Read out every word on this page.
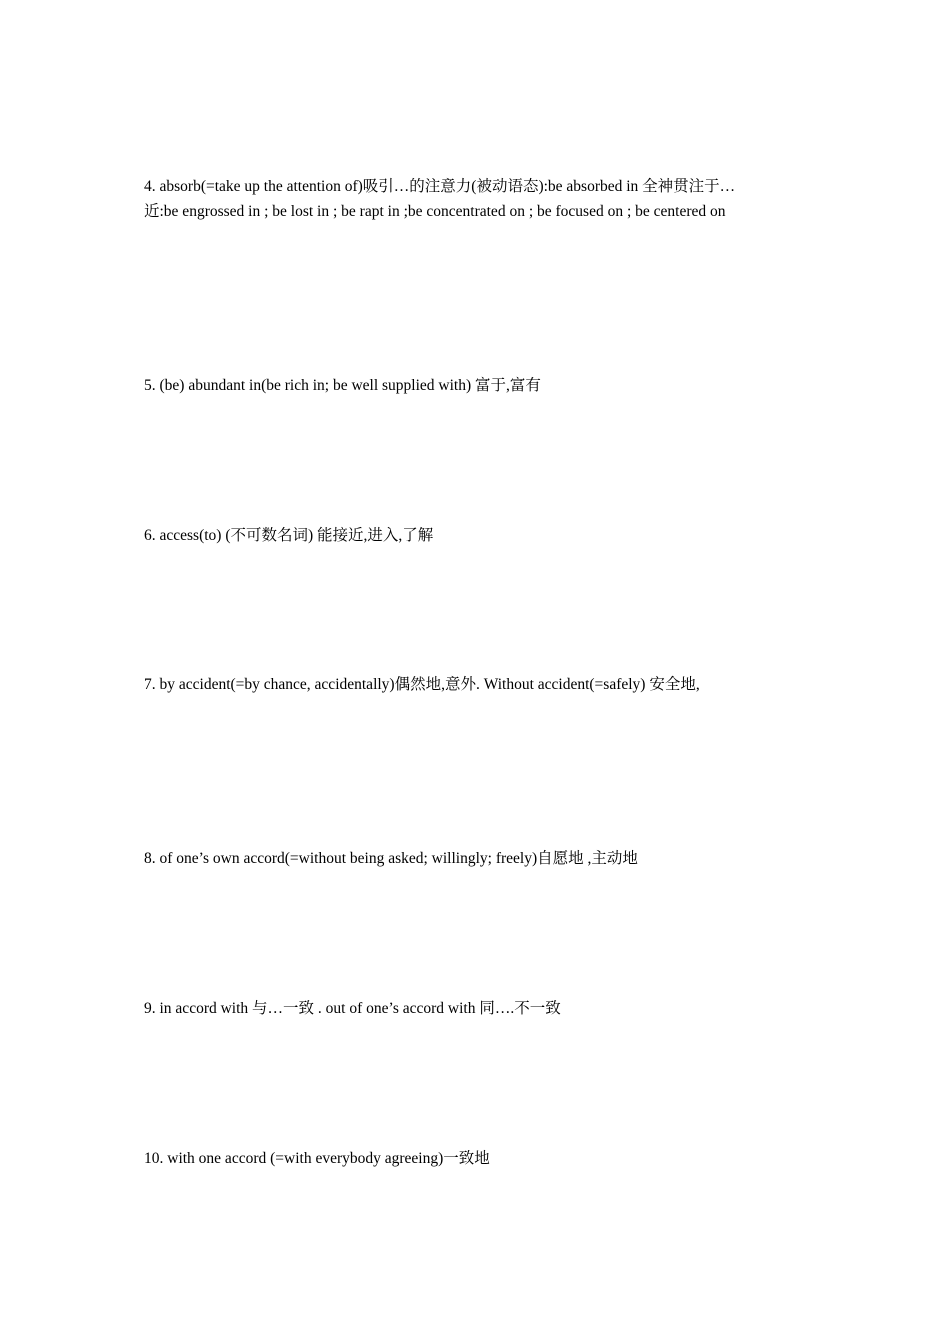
4. absorb(=take up the attention of)吸引…的注意力(被动语态):be absorbed in 全神贯注于…

近:be engrossed in ; be lost in ; be rapt in ;be concentrated on ; be focused on ; be centered on

5. (be) abundant in(be rich in; be well supplied with) 富于,富有

6. access(to) (不可数名词) 能接近,进入,了解

7. by accident(=by chance, accidentally)偶然地,意外. Without accident(=safely) 安全地,

8. of one’s own accord(=without being asked; willingly; freely)自愿地 ,主动地

9. in accord with 与…一致 . out of one’s accord with 同….不一致

10. with one accord (=with everybody agreeing)一致地
